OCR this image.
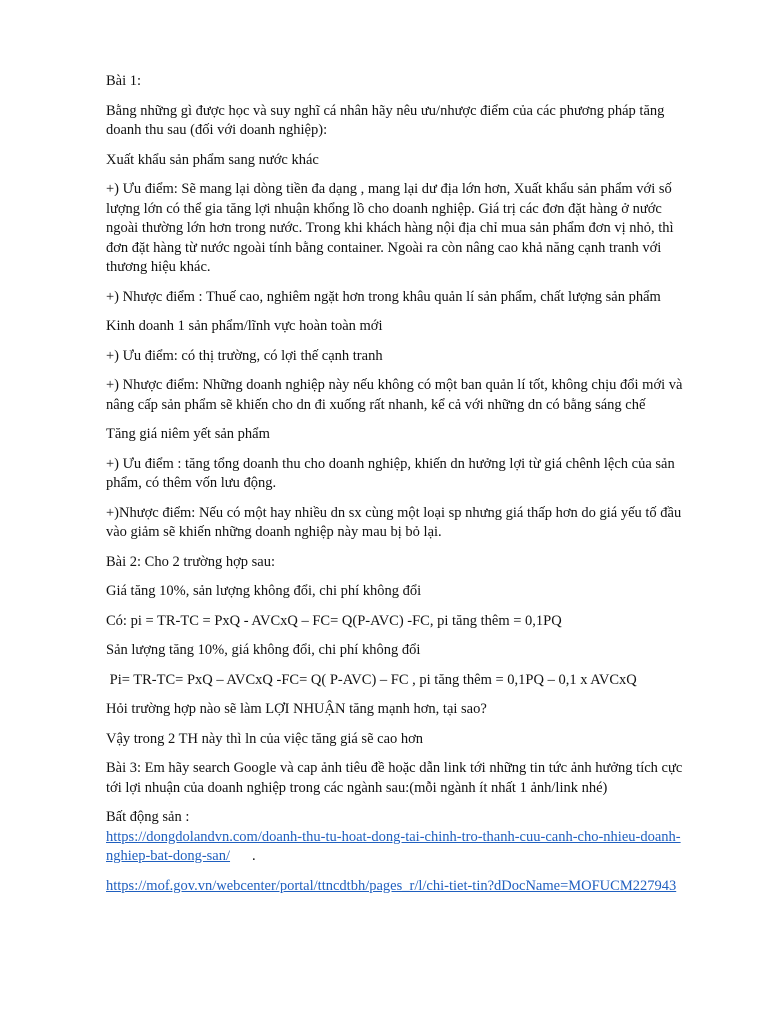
Bài 1:

Bằng những gì được học và suy nghĩ cá nhân hãy nêu ưu/nhược điểm của các phương pháp tăng doanh thu sau (đối với doanh nghiệp):

Xuất khẩu sản phẩm sang nước khác

+) Ưu điểm: Sẽ mang lại dòng tiền đa dạng , mang lại dư địa lớn hơn, Xuất khẩu sản phẩm với số lượng lớn có thể gia tăng lợi nhuận khổng lồ cho doanh nghiệp. Giá trị các đơn đặt hàng ở nước ngoài thường lớn hơn trong nước. Trong khi khách hàng nội địa chỉ mua sản phẩm đơn vị nhỏ, thì đơn đặt hàng từ nước ngoài tính bằng container. Ngoài ra còn nâng cao khả năng cạnh tranh với thương hiệu khác.

+) Nhược điểm : Thuế cao, nghiêm ngặt hơn trong khâu quản lí sản phẩm, chất lượng sản phẩm

Kinh doanh 1 sản phẩm/lĩnh vực hoàn toàn mới

+) Ưu điểm: có thị trường, có lợi thế cạnh tranh

+) Nhược điểm: Những doanh nghiệp này nếu không có một ban quản lí tốt, không chịu đổi mới và nâng cấp sản phẩm sẽ khiến cho dn đi xuống rất nhanh, kể cả với những dn có bằng sáng chế

Tăng giá niêm yết sản phẩm

+) Ưu điểm : tăng tổng doanh thu cho doanh nghiệp, khiến dn hưởng lợi từ giá chênh lệch của sản phẩm, có thêm vốn lưu động.

+)Nhược điểm: Nếu có một hay nhiều dn sx cùng một loại sp nhưng giá thấp hơn do giá yếu tố đầu vào giảm sẽ khiến những doanh nghiệp này mau bị bỏ lại.

Bài 2: Cho 2 trường hợp sau:

Giá tăng 10%, sản lượng không đổi, chi phí không đổi

Có: pi = TR-TC = PxQ - AVCxQ – FC= Q(P-AVC) -FC, pi tăng thêm = 0,1PQ

Sản lượng tăng 10%, giá không đổi, chi phí không đổi

Pi= TR-TC= PxQ – AVCxQ -FC= Q( P-AVC) – FC , pi tăng thêm = 0,1PQ – 0,1 x AVCxQ

Hỏi trường hợp nào sẽ làm LỢI NHUẬN tăng mạnh hơn, tại sao?

Vậy trong 2 TH này thì ln của việc tăng giá sẽ cao hơn

Bài 3: Em hãy search Google và cap ảnh tiêu đề hoặc dẫn link tới những tin tức ảnh hưởng tích cực tới lợi nhuận của doanh nghiệp trong các ngành sau:(mỗi ngành ít nhất 1 ảnh/link nhé)

Bất động sản :

https://dongdolandvn.com/doanh-thu-tu-hoat-dong-tai-chinh-tro-thanh-cuu-canh-cho-nhieu-doanh-nghiep-bat-dong-san/ .

https://mof.gov.vn/webcenter/portal/ttncdtbh/pages_r/l/chi-tiet-tin?dDocName=MOFUCM227943
